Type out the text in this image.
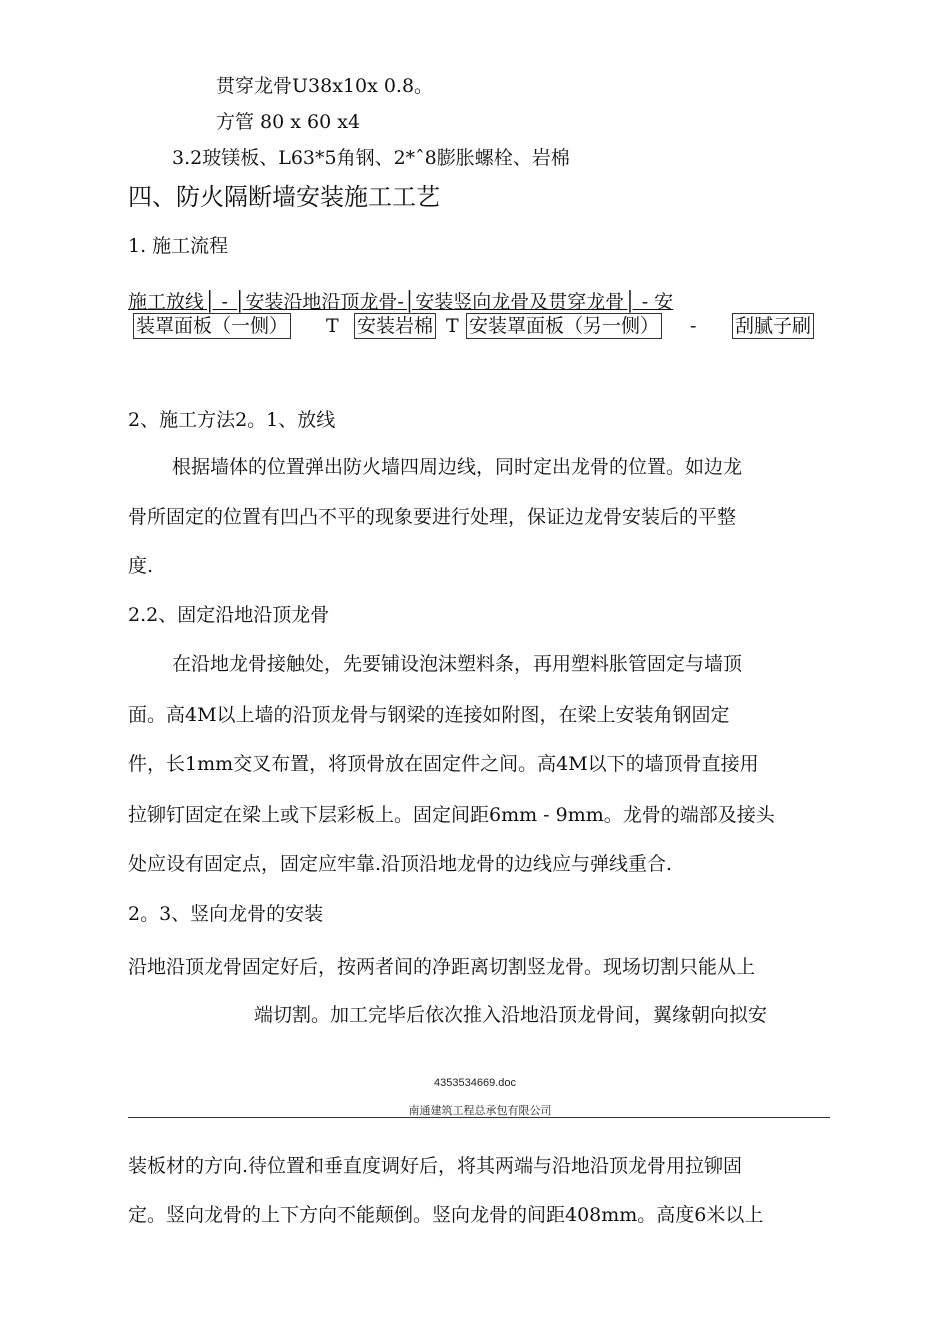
贯穿龙骨U38x10x 0.8。
方管 80 x 60 x4
3.2玻镁板、L63*5角钢、2*ˆ8膨胀螺栓、岩棉
四、防火隔断墙安装施工工艺
1. 施工流程
施工放线│ - │安装沿地沿顶龙骨-│安装竖向龙骨及贯穿龙骨│ - 安
装罩面板（一侧） T 安装岩棉 T 安装罩面板（另一侧） - 刮腻子刷
2、施工方法2。1、放线
根据墙体的位置弹出防火墙四周边线，同时定出龙骨的位置。如边龙
骨所固定的位置有凹凸不平的现象要进行处理，保证边龙骨安装后的平整
度.
2.2、固定沿地沿顶龙骨
在沿地龙骨接触处，先要铺设泡沫塑料条，再用塑料胀管固定与墙顶
面。高4M以上墙的沿顶龙骨与钢梁的连接如附图，在梁上安装角钢固定
件，长1mm交叉布置，将顶骨放在固定件之间。高4M以下的墙顶骨直接用
拉铆钉固定在梁上或下层彩板上。固定间距6mm - 9mm。龙骨的端部及接头
处应设有固定点，固定应牢靠.沿顶沿地龙骨的边线应与弹线重合.
2。3、竖向龙骨的安装
沿地沿顶龙骨固定好后，按两者间的净距离切割竖龙骨。现场切割只能从上
端切割。加工完毕后依次推入沿地沿顶龙骨间，翼缘朝向拟安
4353534669.doc
南通建筑工程总承包有限公司
装板材的方向.待位置和垂直度调好后，将其两端与沿地沿顶龙骨用拉铆固
定。竖向龙骨的上下方向不能颠倒。竖向龙骨的间距408mm。高度6米以上
